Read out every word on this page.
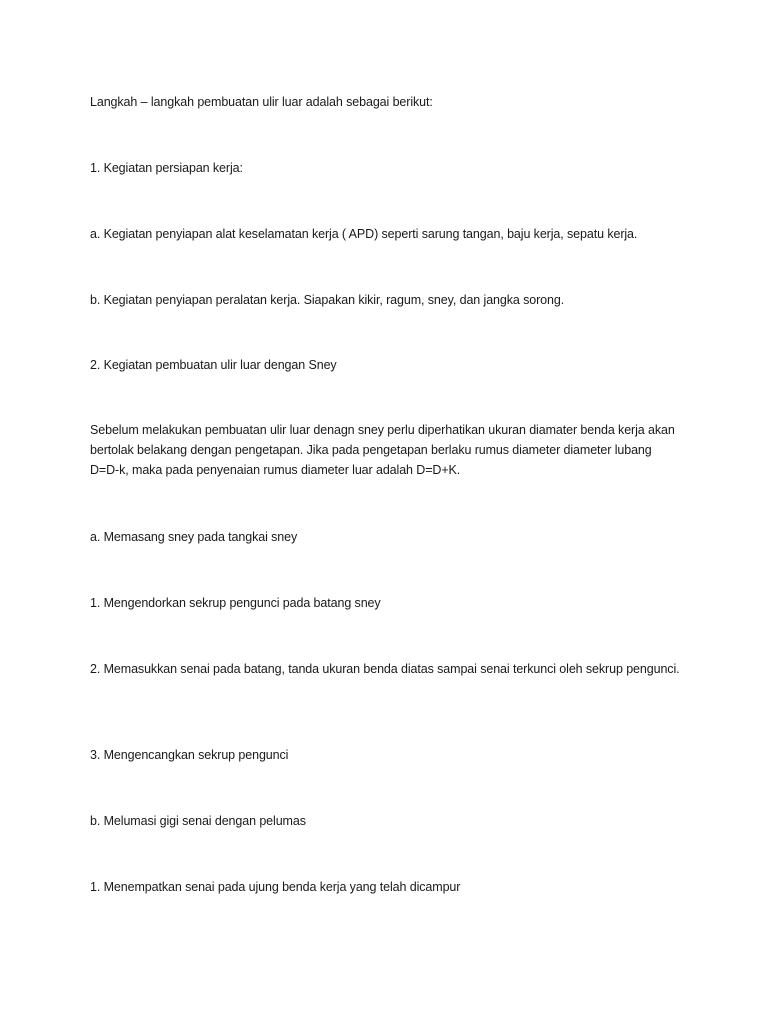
Langkah – langkah pembuatan ulir luar adalah sebagai berikut:

1. Kegiatan persiapan kerja:

a. Kegiatan penyiapan alat keselamatan kerja ( APD) seperti sarung tangan, baju kerja, sepatu kerja.

b. Kegiatan penyiapan peralatan kerja. Siapakan kikir, ragum, sney, dan jangka sorong.

2. Kegiatan pembuatan ulir luar dengan Sney

Sebelum melakukan pembuatan ulir luar denagn sney perlu diperhatikan ukuran diamater benda kerja akan bertolak belakang dengan pengetapan. Jika pada pengetapan berlaku rumus diameter diameter lubang D=D-k, maka pada penyenaian rumus diameter luar adalah D=D+K.

a. Memasang sney pada tangkai sney

1. Mengendorkan sekrup pengunci pada batang sney

2. Memasukkan senai pada batang, tanda ukuran benda diatas sampai senai terkunci oleh sekrup pengunci.

3. Mengencangkan sekrup pengunci

b. Melumasi gigi senai dengan pelumas

1. Menempatkan senai pada ujung benda kerja yang telah dicampur
